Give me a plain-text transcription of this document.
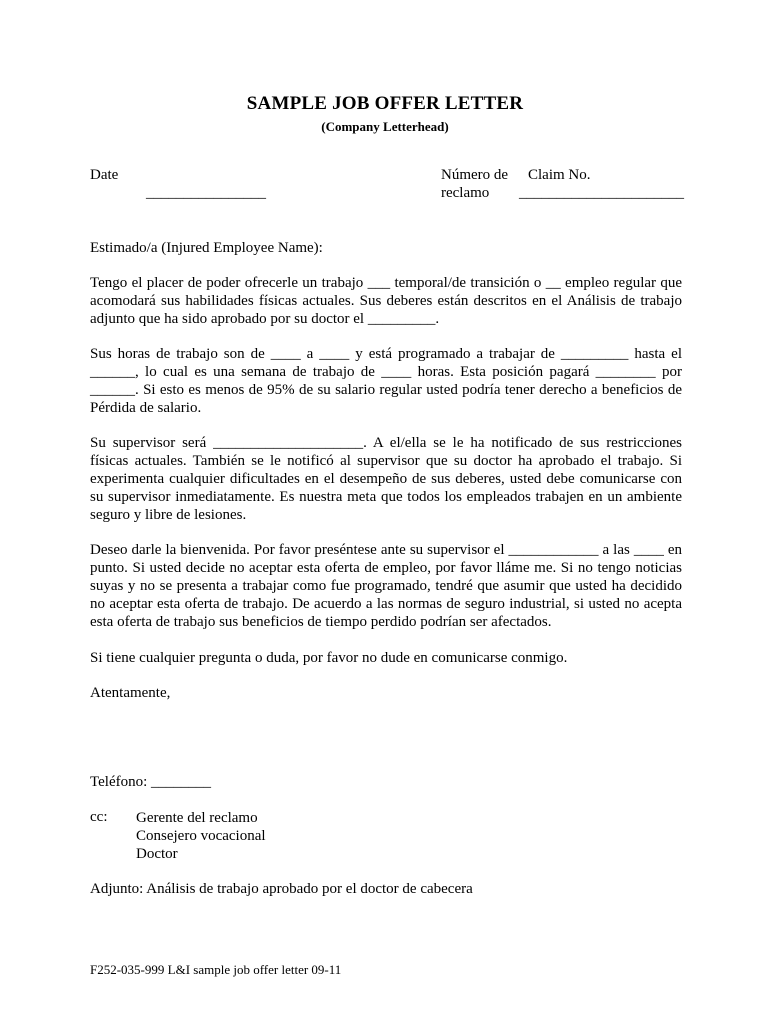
SAMPLE JOB OFFER LETTER
(Company Letterhead)
Date
________________
Número de
reclamo
Claim No.
______________________
Estimado/a (Injured Employee Name):
Tengo el placer de poder ofrecerle un trabajo ___ temporal/de transición o __ empleo regular que acomodará sus habilidades físicas actuales. Sus deberes están descritos en el Análisis de trabajo adjunto que ha sido aprobado por su doctor el _________.
Sus horas de trabajo son de ____ a ____ y está programado a trabajar de _________ hasta el ______, lo cual es una semana de trabajo de ____ horas. Esta posición pagará ________ por ______. Si esto es menos de 95% de su salario regular usted podría tener derecho a beneficios de Pérdida de salario.
Su supervisor será ____________________. A el/ella se le ha notificado de sus restricciones físicas actuales. También se le notificó al supervisor que su doctor ha aprobado el trabajo. Si experimenta cualquier dificultades en el desempeño de sus deberes, usted debe comunicarse con su supervisor inmediatamente. Es nuestra meta que todos los empleados trabajen en un ambiente seguro y libre de lesiones.
Deseo darle la bienvenida. Por favor preséntese ante su supervisor el ____________ a las ____ en punto. Si usted decide no aceptar esta oferta de empleo, por favor lláme me. Si no tengo noticias suyas y no se presenta a trabajar como fue programado, tendré que asumir que usted ha decidido no aceptar esta oferta de trabajo. De acuerdo a las normas de seguro industrial, si usted no acepta esta oferta de trabajo sus beneficios de tiempo perdido podrían ser afectados.
Si tiene cualquier pregunta o duda, por favor no dude en comunicarse conmigo.
Atentamente,
Teléfono: ________
cc: Gerente del reclamo
Consejero vocacional
Doctor
Adjunto: Análisis de trabajo aprobado por el doctor de cabecera
F252-035-999 L&I sample job offer letter 09-11
